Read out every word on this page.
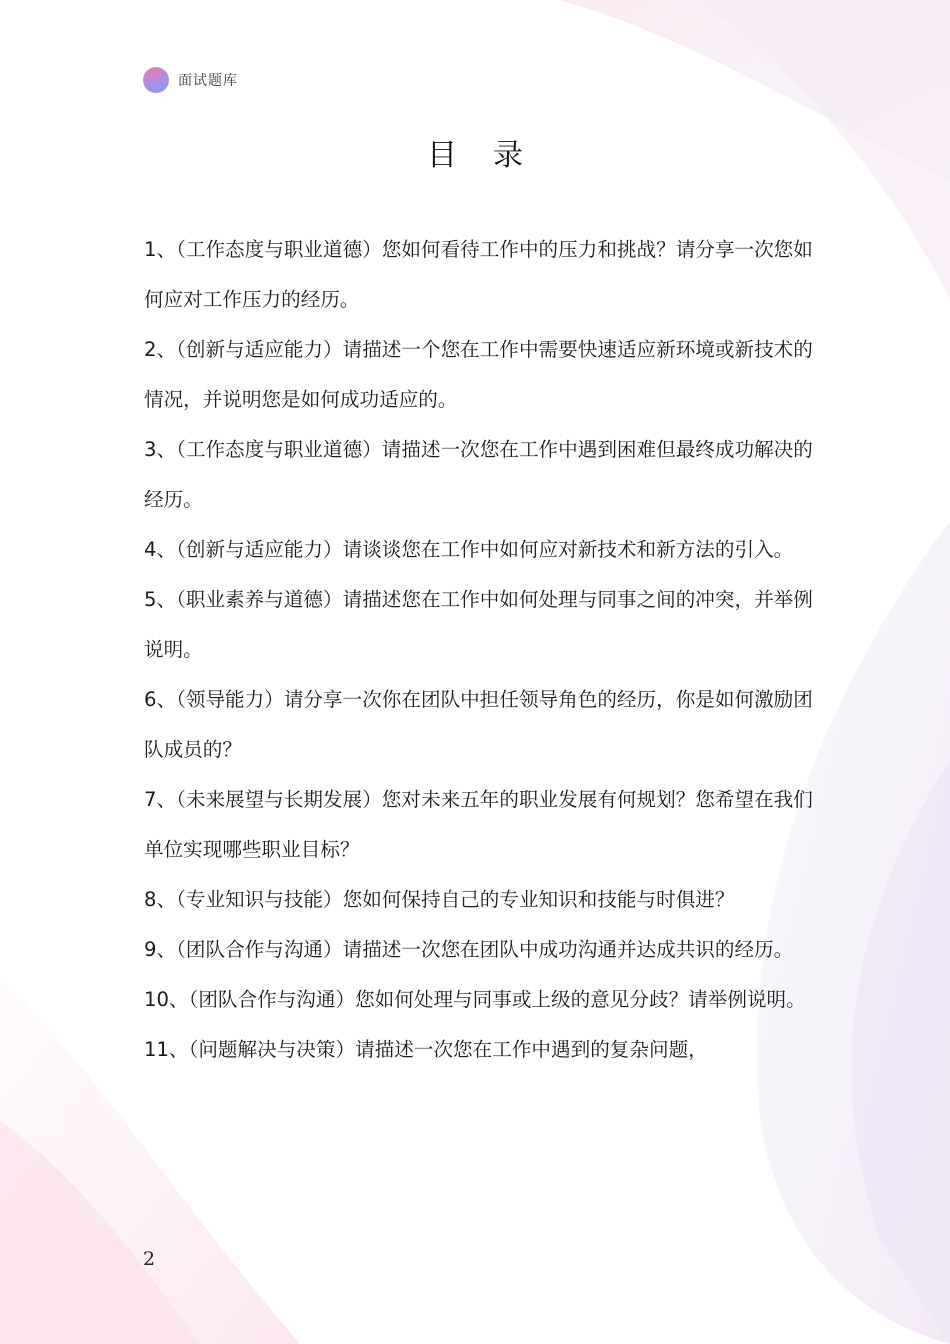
面试题库
目录
1、（工作态度与职业道德）您如何看待工作中的压力和挑战？请分享一次您如何应对工作压力的经历。
2、（创新与适应能力）请描述一个您在工作中需要快速适应新环境或新技术的情况，并说明您是如何成功适应的。
3、（工作态度与职业道德）请描述一次您在工作中遇到困难但最终成功解决的经历。
4、（创新与适应能力）请谈谈您在工作中如何应对新技术和新方法的引入。
5、（职业素养与道德）请描述您在工作中如何处理与同事之间的冲突，并举例说明。
6、（领导能力）请分享一次你在团队中担任领导角色的经历，你是如何激励团队成员的？
7、（未来展望与长期发展）您对未来五年的职业发展有何规划？您希望在我们单位实现哪些职业目标？
8、（专业知识与技能）您如何保持自己的专业知识和技能与时俱进？
9、（团队合作与沟通）请描述一次您在团队中成功沟通并达成共识的经历。
10、（团队合作与沟通）您如何处理与同事或上级的意见分歧？请举例说明。
11、（问题解决与决策）请描述一次您在工作中遇到的复杂问题，
2
